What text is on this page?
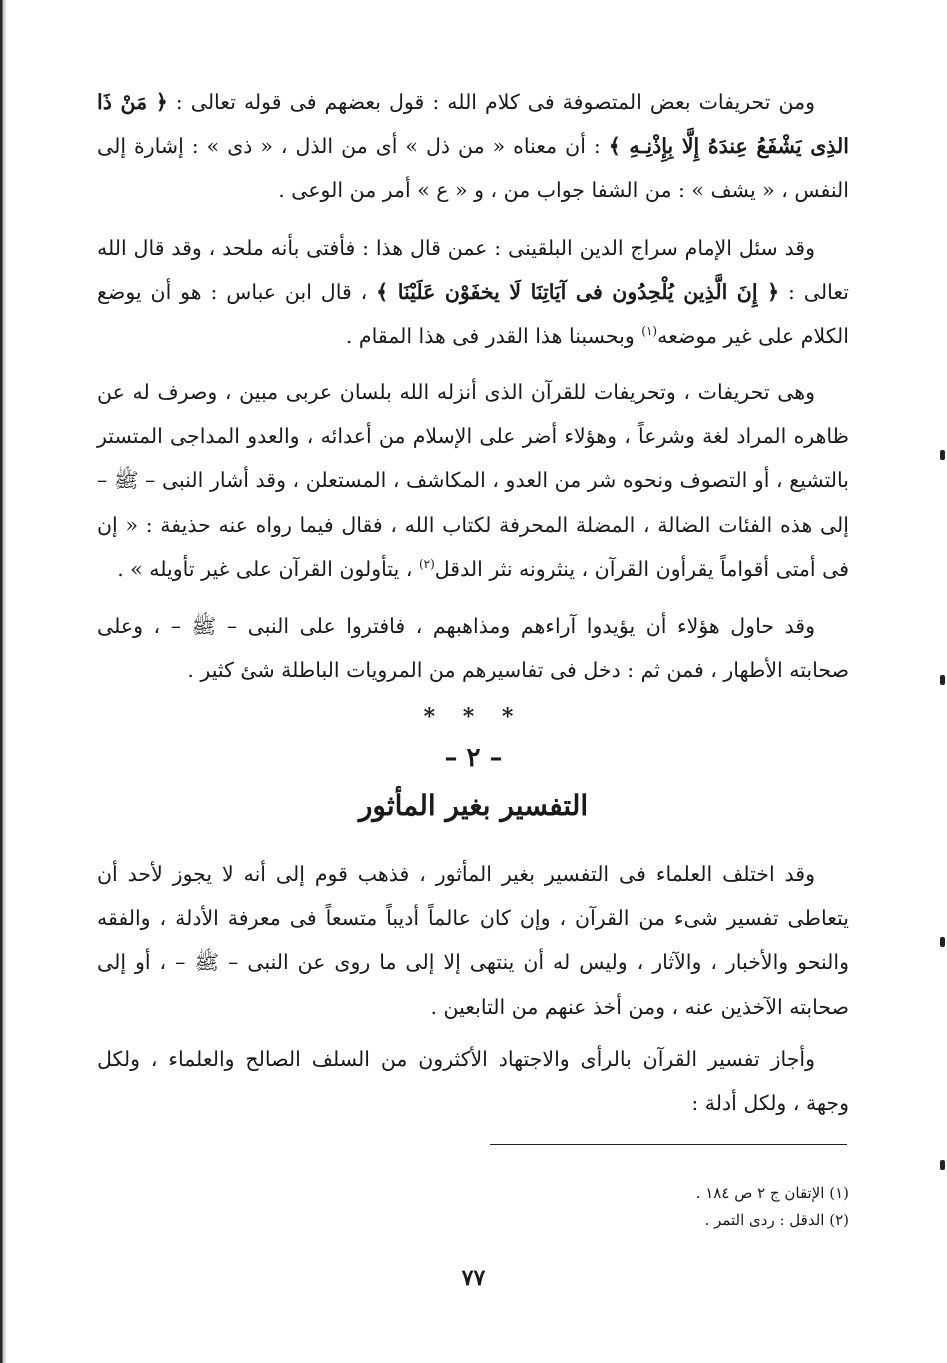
ومن تحريفات بعض المتصوفة فى كلام الله : قول بعضهم فى قوله تعالى : ﴿ مَنْ ذَا الذِى يَشْفَعُ عِندَهُ إِلَّا بِإِذْنِـهِ ﴾ : أن معناه « من ذل » أى من الذل ، « ذى » : إشارة إلى النفس ، « يشف » : من الشفا جواب من ، و « ع » أمر من الوعى .

وقد سئل الإمام سراج الدين البلقينى : عمن قال هذا : فأفتى بأنه ملحد ، وقد قال الله تعالى : ﴿ إِنَ الَّذِين يُلْحِدُون فى آيَاتِنَا لَا يخفَوْن عَلَيْنَا ﴾ ، قال ابن عباس : هو أن يوضع الكلام على غير موضعه$^{(١)}$ وبحسبنا هذا القدر فى هذا المقام .

وهى تحريفات ، وتحريفات للقرآن الذى أنزله الله بلسان عربى مبين ، وصرف له عن ظاهره المراد لغة وشرعاً ، وهؤلاء أضر على الإسلام من أعدائه ، والعدو المداجى المتستر بالتشيع ، أو التصوف ونحوه شر من العدو ، المكاشف ، المستعلن ، وقد أشار النبى – ﷺ – إلى هذه الفئات الضالة ، المضلة المحرفة لكتاب الله ، فقال فيما رواه عنه حذيفة : « إن فى أمتى أقواماً يقرأون القرآن ، ينثرونه نثر الدقل$^{(٢)}$ ، يتأولون القرآن على غير تأويله » .

وقد حاول هؤلاء أن يؤيدوا آراءهم ومذاهبهم ، فافتروا على النبى – ﷺ – ، وعلى صحابته الأطهار ، فمن ثم : دخل فى تفاسيرهم من المرويات الباطلة شئ كثير .

* * *
– ٢ –
التفسير بغير المأثور

وقد اختلف العلماء فى التفسير بغير المأثور ، فذهب قوم إلى أنه لا يجوز لأحد أن يتعاطى تفسير شىء من القرآن ، وإن كان عالماً أديباً متسعاً فى معرفة الأدلة ، والفقه والنحو والأخبار ، والآثار ، وليس له أن ينتهى إلا إلى ما روى عن النبى – ﷺ – ، أو إلى صحابته الآخذين عنه ، ومن أخذ عنهم من التابعين .

وأجاز تفسير القرآن بالرأى والاجتهاد الأكثرون من السلف الصالح والعلماء ، ولكل وجهة ، ولكل أدلة :

(١) الإتقان ج ٢ ص ١٨٤ .
(٢) الدقل : ردى التمر .
٧٧
